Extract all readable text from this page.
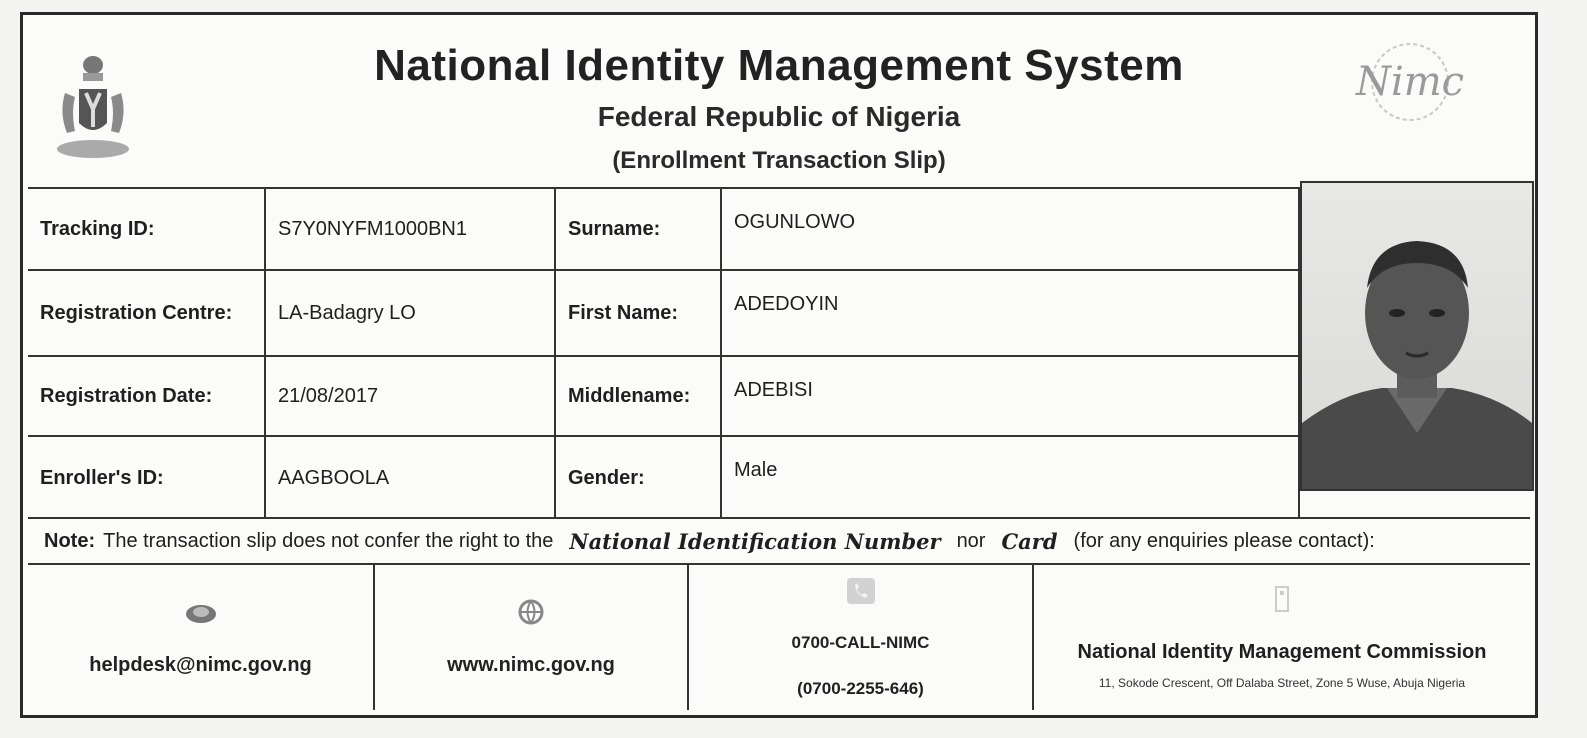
National Identity Management System
Federal Republic of Nigeria
(Enrollment Transaction Slip)
Nimc
Tracking ID:	S7Y0NYFM1000BN1	Surname:	OGUNLOWO
Registration Centre:	LA-Badagry LO	First Name:	ADEDOYIN
Registration Date:	21/08/2017	Middlename:	ADEBISI
Enroller's ID:	AAGBOOLA	Gender:	Male
Note: The transaction slip does not confer the right to the National Identification Number nor Card (for any enquiries please contact):
helpdesk@nimc.gov.ng	www.nimc.gov.ng
0700-CALL-NIMC
(0700-2255-646)
National Identity Management Commission
11, Sokode Crescent, Off Dalaba Street, Zone 5 Wuse, Abuja Nigeria
